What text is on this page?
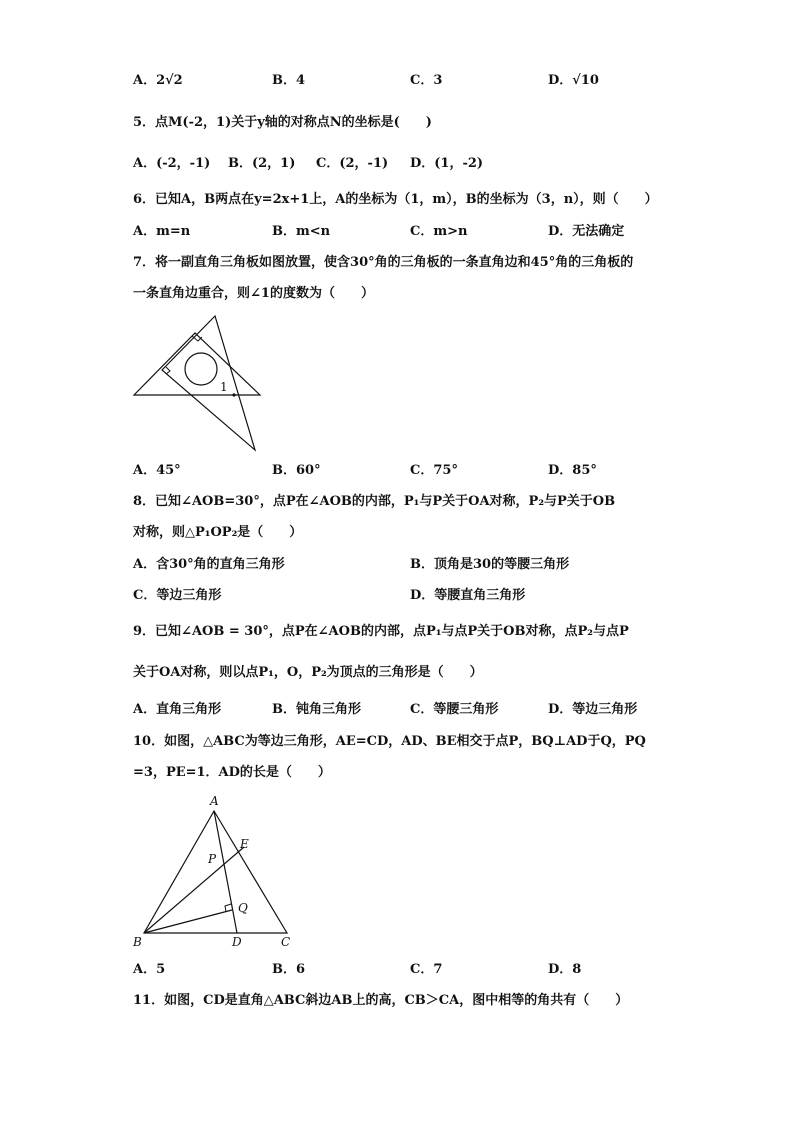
A．2√2	B．4	C．3	D．√10
5．点M(-2，1)关于y轴的对称点N的坐标是(　　)
A．(-2，-1) B．(2，1) C．(2，-1) D．(1，-2)
6．已知A，B两点在y=2x+1上，A的坐标为（1，m），B的坐标为（3，n），则（　　）
A．m=n	B．m<n	C．m>n	D．无法确定
7．将一副直角三角板如图放置，使含30°角的三角板的一条直角边和45°角的三角板的
一条直角边重合，则∠1的度数为（　　）
1
A．45°	B．60°	C．75°	D．85°
8．已知∠AOB=30°，点P在∠AOB的内部，P₁与P关于OA对称，P₂与P关于OB
对称，则△P₁OP₂是（　　）
A．含30°角的直角三角形	B．顶角是30的等腰三角形
C．等边三角形	D．等腰直角三角形
9．已知∠AOB = 30°，点P在∠AOB的内部，点P₁与点P关于OB对称，点P₂与点P
关于OA对称，则以点P₁，O，P₂为顶点的三角形是（　　）
A．直角三角形	B．钝角三角形	C．等腰三角形	D．等边三角形
10．如图，△ABC为等边三角形，AE=CD，AD、BE相交于点P，BQ⊥AD于Q，PQ
=3，PE=1．AD的长是（　　）
A
B	C
D
E
P
Q
A．5	B．6	C．7	D．8
11．如图，CD是直角△ABC斜边AB上的高，CB＞CA，图中相等的角共有（　　）
